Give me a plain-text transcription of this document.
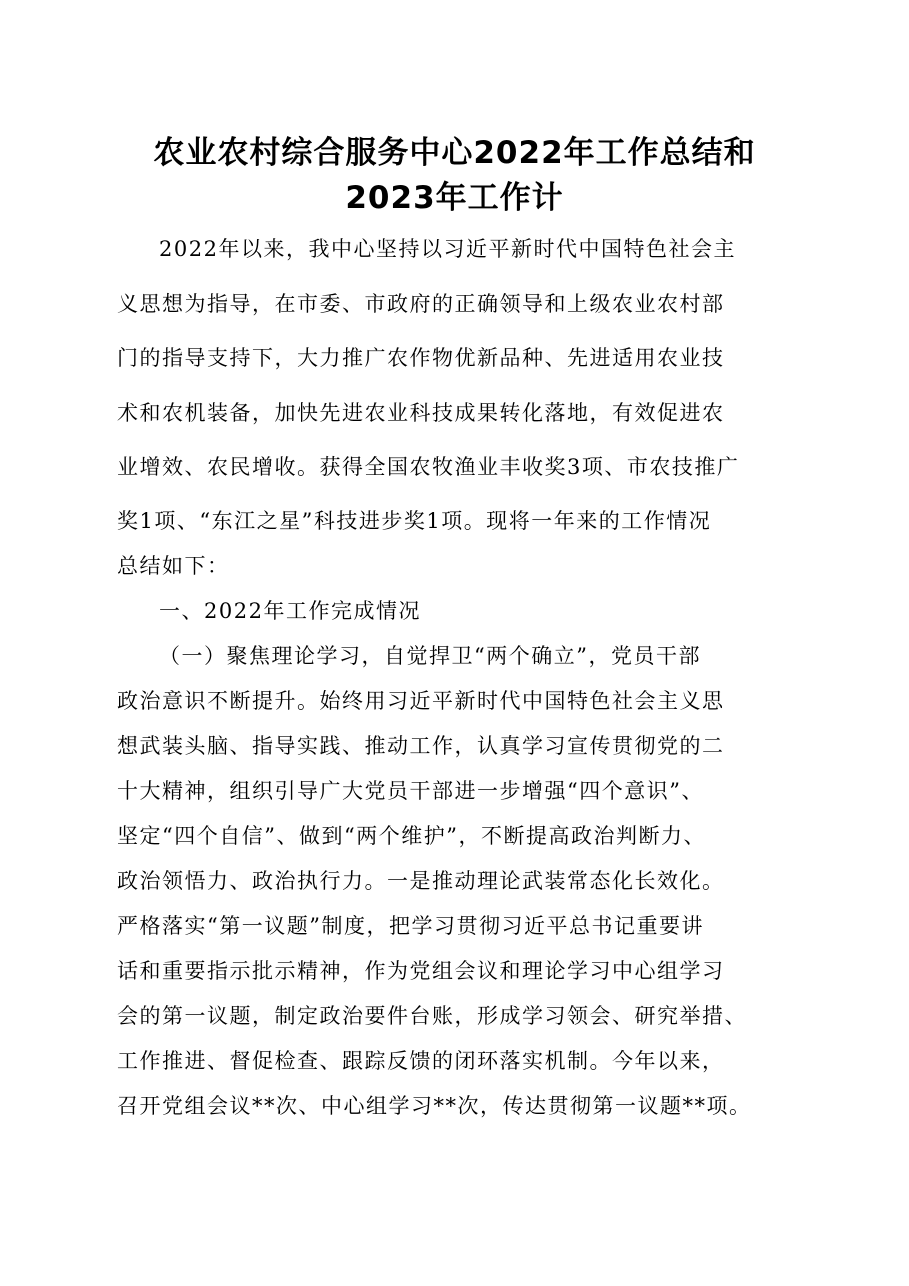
农业农村综合服务中心2022年工作总结和
2023年工作计
2022年以来，我中心坚持以习近平新时代中国特色社会主
义思想为指导，在市委、市政府的正确领导和上级农业农村部
门的指导支持下，大力推广农作物优新品种、先进适用农业技
术和农机装备，加快先进农业科技成果转化落地，有效促进农
业增效、农民增收。获得全国农牧渔业丰收奖3项、市农技推广
奖1项、“东江之星”科技进步奖1项。现将一年来的工作情况
总结如下：
一、2022年工作完成情况
（一）聚焦理论学习，自觉捍卫“两个确立”，党员干部
政治意识不断提升。始终用习近平新时代中国特色社会主义思
想武装头脑、指导实践、推动工作，认真学习宣传贯彻党的二
十大精神，组织引导广大党员干部进一步增强“四个意识”、
坚定“四个自信”、做到“两个维护”，不断提高政治判断力、
政治领悟力、政治执行力。一是推动理论武装常态化长效化。
严格落实“第一议题”制度，把学习贯彻习近平总书记重要讲
话和重要指示批示精神，作为党组会议和理论学习中心组学习
会的第一议题，制定政治要件台账，形成学习领会、研究举措、
工作推进、督促检查、跟踪反馈的闭环落实机制。今年以来，
召开党组会议**次、中心组学习**次，传达贯彻第一议题**项。
